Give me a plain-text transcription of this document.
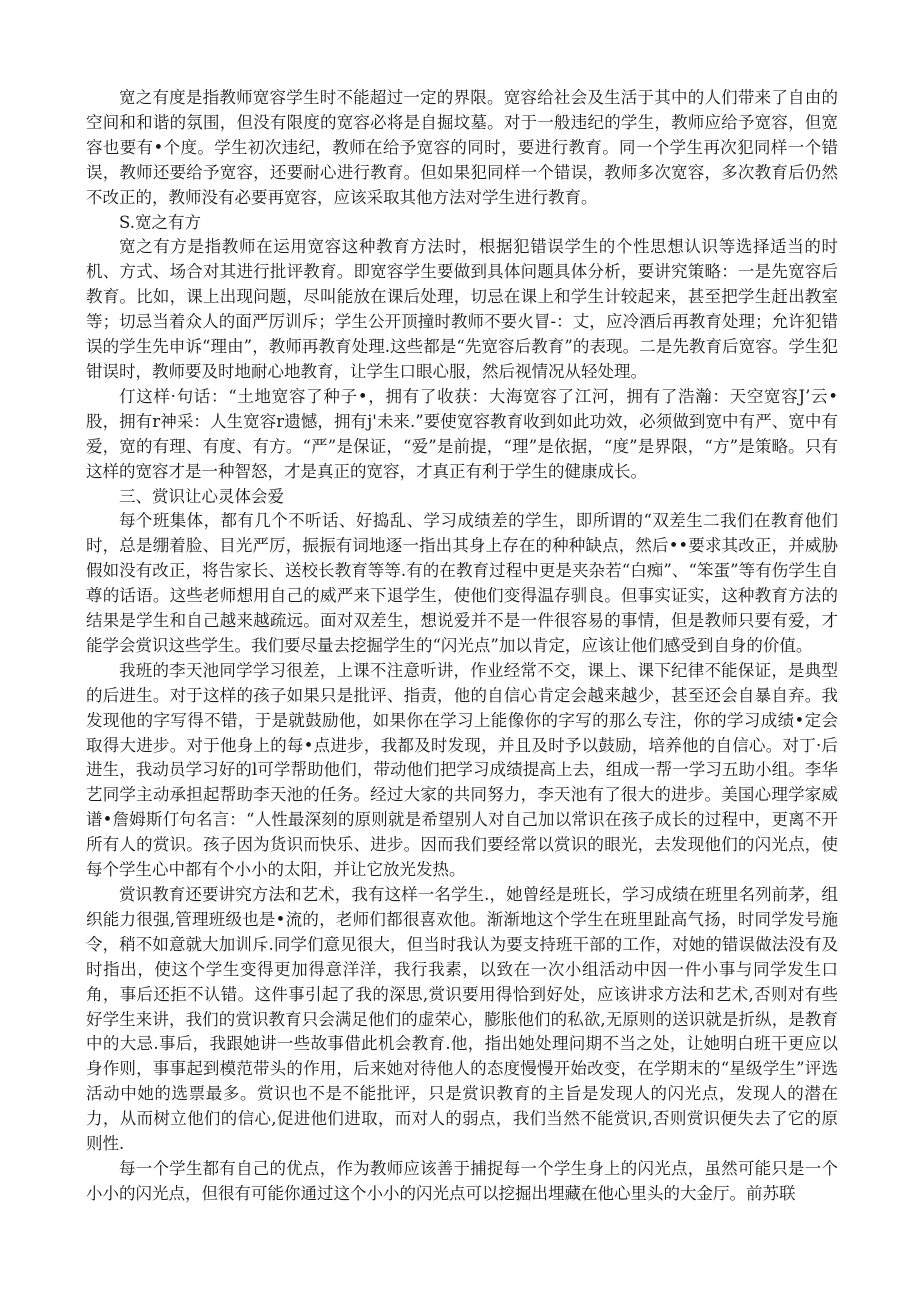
宽之有度是指教师宽容学生时不能超过一定的界限。宽容给社会及生活于其中的人们带来了自由的空间和和谐的氛围，但没有限度的宽容必将是自掘坟墓。对于一般违纪的学生，教师应给予宽容，但宽容也要有•个度。学生初次违纪，教师在给予宽容的同时，要进行教育。同一个学生再次犯同样一个错误，教师还要给予宽容，还要耐心进行教育。但如果犯同样一个错误，教师多次宽容，多次教育后仍然不改正的，教师没有必要再宽容，应该采取其他方法对学生进行教育。

S.宽之有方

宽之有方是指教师在运用宽容这种教育方法时，根据犯错误学生的个性思想认识等选择适当的时机、方式、场合对其进行批评教育。即宽容学生要做到具体问题具体分析，要讲究策略：一是先宽容后教育。比如，课上出现问题，尽叫能放在课后处理，切忌在课上和学生计较起来，甚至把学生赶出教室等；切忌当着众人的面严厉训斥；学生公开顶撞时教师不要火冒-：丈，应冷酒后再教育处理；允许犯错误的学生先申诉“理由”，教师再教育处理.这些都是“先宽容后教育”的表现。二是先教育后宽容。学生犯钳误时，教师要及时地耐心地教育，让学生口眼心服，然后视情况从轻处理。

仃这样·句话：“土地宽容了种子•，拥有了收获：大海宽容了江河，拥有了浩瀚：天空宽容J’云•股，拥有r神采：人生宽容r遗憾，拥有j'未来.”要使宽容教育收到如此功效，必须做到宽中有严、宽中有爱，宽的有理、有度、有方。“严”是保证，“爱”是前提，“理”是依据，“度”是界限，“方”是策略。只有这样的宽容才是一种智怒，才是真正的宽容，才真正有利于学生的健康成长。

三、赏识让心灵体会爱

每个班集体，都有几个不听话、好捣乱、学习成绩差的学生，即所谓的“双差生二我们在教育他们时，总是绷着脸、目光严厉，振振有词地逐一指出其身上存在的种种缺点，然后••要求其改正，并威胁假如没有改正，将告家长、送校长教育等等.有的在教育过程中更是夹杂若“白痴”、“笨蛋”等有伤学生自尊的话语。这些老师想用自己的威严来下退学生，使他们变得温存驯良。但事实证实，这种教育方法的结果是学生和自己越来越疏远。面对双差生，想说爱并不是一件很容易的事情，但是教师只要有爱，才能学会赏识这些学生。我们要尽量去挖掘学生的“闪光点”加以肯定，应该让他们感受到自身的价值。

我班的李天池同学学习很差，上课不注意听讲，作业经常不交，课上、课下纪律不能保证，是典型的后进生。对于这样的孩子如果只是批评、指责，他的自信心肯定会越来越少，甚至还会自暴自弃。我发现他的字写得不错，于是就鼓励他，如果你在学习上能像你的字写的那么专注，你的学习成绩•定会取得大进步。对于他身上的每•点进步，我都及时发现，并且及时予以鼓励，培养他的自信心。对丁·后进生，我动员学习好的l可学帮助他们，带动他们把学习成绩提高上去，组成一帮一学习五助小组。李华艺同学主动承担起帮助李天池的任务。经过大家的共同努力，李天池有了很大的进步。美国心理学家威谱•詹姆斯仃句名言：“人性最深刻的原则就是希望别人对自己加以常识在孩子成长的过程中，更离不开所有人的赏识。孩子因为货识而快乐、进步。因而我们要经常以赏识的眼光，去发现他们的闪光点，使每个学生心中都有个小小的太阳，并让它放光发热。

赏识教育还要讲究方法和艺术，我有这样一名学生.，她曾经是班长，学习成绩在班里名列前茅，组织能力很强,管理班级也是•流的，老师们都很喜欢他。渐渐地这个学生在班里趾高气扬，时同学发号施令，稍不如意就大加训斥.同学们意见很大，但当时我认为要支持班干部的工作，对她的错误做法没有及时指出，使这个学生变得更加得意洋洋，我行我素，以致在一次小组活动中因一件小事与同学发生口角，事后还拒不认错。这件事引起了我的深思,赏识要用得恰到好处，应该讲求方法和艺术,否则对有些好学生来讲，我们的赏识教育只会满足他们的虚荣心，膨胀他们的私欲,无原则的送识就是折纵，是教育中的大忌.事后，我跟她讲一些故事借此机会教育.他，指出她处理问期不当之处，让她明白班干更应以身作则，事事起到模范带头的作用，后来她对待他人的态度慢慢开始改变，在学期末的“星级学生”评选活动中她的选票最多。赏识也不是不能批评，只是赏识教育的主旨是发现人的闪光点，发现人的潜在力，从而树立他们的信心,促进他们进取，而对人的弱点，我们当然不能赏识,否则赏识便失去了它的原则性.

每一个学生都有自己的优点，作为教师应该善于捕捉每一个学生身上的闪光点，虽然可能只是一个小小的闪光点，但很有可能你通过这个小小的闪光点可以挖掘出埋藏在他心里头的大金厅。前苏联
